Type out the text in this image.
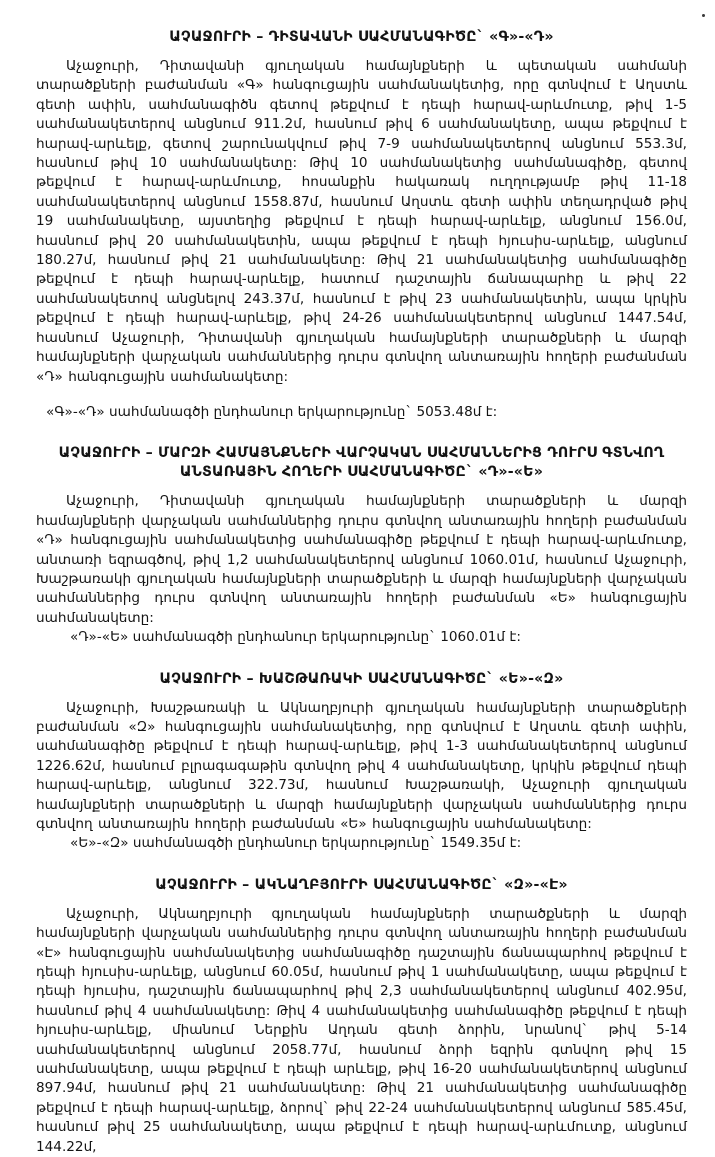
ԱՉԱՋՈՒՐԻ – ԴԻՏԱՎԱՆԻ ՍԱՀՄԱՆԱԳԻԾԸ` «Գ»-«Դ»

Աչաջուրի, Դիտավանի գյուղական համայնքների և պետական սահմանի տարածքների բաժանման «Գ» հանգուցային սահմանակետից, որը գտնվում է Աղստև գետի ափին, սահմանագիծն գետով թեքվում է դեպի հարավ-արևմուտք, թիվ 1-5 սահմանակետերով անցնում 911.2մ, հասնում թիվ 6 սահմանակետը, ապա թեքվում է հարավ-արևելք, գետով շարունակվում թիվ 7-9 սահմանակետերով անցնում 553.3մ, հասնում թիվ 10 սահմանակետը: Թիվ 10 սահմանակետից սահմանագիծը, գետով թեքվում է հարավ-արևմուտք, հոսանքին հակառակ ուղղությամբ թիվ 11-18 սահմանակետերով անցնում 1558.87մ, հասնում Աղստև գետի ափին տեղադրված թիվ 19 սահմանակետը, այստեղից թեքվում է դեպի հարավ-արևելք, անցնում 156.0մ, հասնում թիվ 20 սահմանակետին, ապա թեքվում է դեպի հյուսիս-արևելք, անցնում 180.27մ, հասնում թիվ 21 սահմանակետը: Թիվ 21 սահմանակետից սահմանագիծը թեքվում է դեպի հարավ-արևելք, հատում դաշտային ճանապարհը և թիվ 22 սահմանակետով անցնելով 243.37մ, հասնում է թիվ 23 սահմանակետին, ապա կրկին թեքվում է դեպի հարավ-արևելք, թիվ 24-26 սահմանակետերով անցնում 1447.54մ, հասնում Աչաջուրի, Դիտավանի գյուղական համայնքների տարածքների և մարզի համայնքների վարչական սահմաններից դուրս գտնվող անտառային հողերի բաժանման «Դ» հանգուցային սահմանակետը:

«Գ»-«Դ» սահմանագծի ընդհանուր երկարությունը` 5053.48մ է:

ԱՉԱՋՈՒՐԻ – ՄԱՐԶԻ ՀԱՄԱՅՆՔՆԵՐԻ ՎԱՐՉԱԿԱՆ ՍԱՀՄԱՆՆԵՐԻՑ ԴՈՒՐՍ ԳՏՆՎՈՂ ԱՆՏԱՌԱՅԻՆ ՀՈՂԵՐԻ ՍԱՀՄԱՆԱԳԻԾԸ` «Դ»-«Ե»

Աչաջուրի, Դիտավանի գյուղական համայնքների տարածքների և մարզի համայնքների վարչական սահմաններից դուրս գտնվող անտառային հողերի բաժանման «Դ» հանգուցային սահմանակետից սահմանագիծը թեքվում է դեպի հարավ-արևմուտք, անտառի եզրագծով, թիվ 1,2 սահմանակետերով անցնում 1060.01մ, հասնում Աչաջուրի, Խաշթառակի գյուղական համայնքների տարածքների և մարզի համայնքների վարչական սահմաններից դուրս գտնվող անտառային հողերի բաժանման «Ե» հանգուցային սահմանակետը:

«Դ»-«Ե» սահմանագծի ընդհանուր երկարությունը` 1060.01մ է:

ԱՉԱՋՈՒՐԻ – ԽԱՇԹԱՌԱԿԻ ՍԱՀՄԱՆԱԳԻԾԸ` «Ե»-«Զ»

Աչաջուրի, Խաշթառակի և Ակնաղբյուրի գյուղական համայնքների տարածքների բաժանման «Զ» հանգուցային սահմանակետից, որը գտնվում է Աղստև գետի ափին, սահմանագիծը թեքվում է դեպի հարավ-արևելք, թիվ 1-3 սահմանակետերով անցնում 1226.62մ, հասնում բլրագագաթին գտնվող թիվ 4 սահմանակետը, կրկին թեքվում դեպի հարավ-արևելք, անցնում 322.73մ, հասնում Խաշթառակի, Աչաջուրի գյուղական համայնքների տարածքների և մարզի համայնքների վարչական սահմաններից դուրս գտնվող անտառային հողերի բաժանման «Ե» հանգուցային սահմանակետը:

«Ե»-«Զ» սահմանագծի ընդհանուր երկարությունը` 1549.35մ է:

ԱՉԱՋՈՒՐԻ – ԱԿՆԱՂԲՅՈՒՐԻ ՍԱՀՄԱՆԱԳԻԾԸ` «Զ»-«Է»

Աչաջուրի, Ակնաղբյուրի գյուղական համայնքների տարածքների և մարզի համայնքների վարչական սահմաններից դուրս գտնվող անտառային հողերի բաժանման «Է» հանգուցային սահմանակետից սահմանագիծը դաշտային ճանապարհով թեքվում է դեպի հյուսիս-արևելք, անցնում 60.05մ, հասնում թիվ 1 սահմանակետը, ապա թեքվում է դեպի հյուսիս, դաշտային ճանապարհով թիվ 2,3 սահմանակետերով անցնում 402.95մ, հասնում թիվ 4 սահմանակետը: Թիվ 4 սահմանակետից սահմանագիծը թեքվում է դեպի հյուսիս-արևելք, միանում Ներքին Աղդան գետի ձորին, նրանով` թիվ 5-14 սահմանակետերով անցնում 2058.77մ, հասնում ձորի եզրին գտնվող թիվ 15 սահմանակետը, ապա թեքվում է դեպի արևելք, թիվ 16-20 սահմանակետերով անցնում 897.94մ, հասնում թիվ 21 սահմանակետը: Թիվ 21 սահմանակետից սահմանագիծը թեքվում է դեպի հարավ-արևելք, ձորով` թիվ 22-24 սահմանակետերով անցնում 585.45մ, հասնում թիվ 25 սահմանակետը, ապա թեքվում է դեպի հարավ-արևմուտք, անցնում 144.22մ,
